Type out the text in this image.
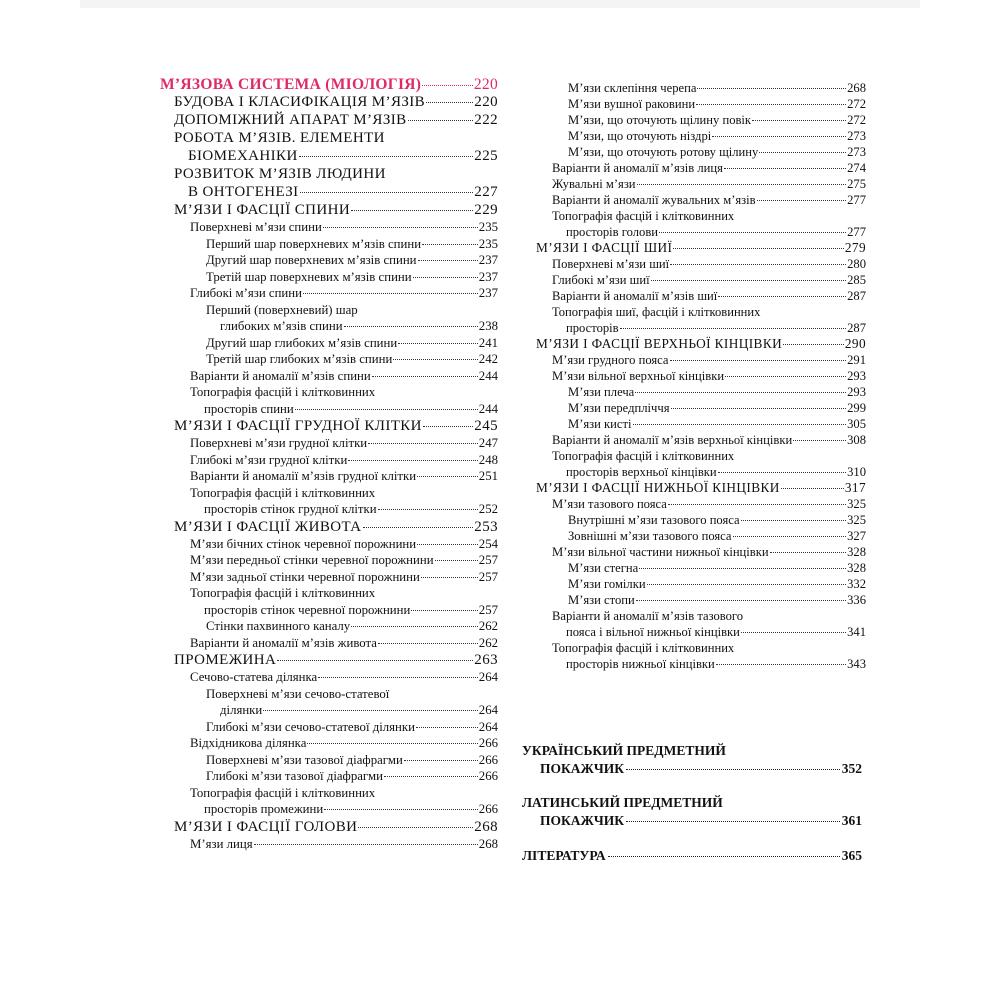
М’ЯЗОВА СИСТЕМА (МІОЛОГІЯ)	220
БУДОВА І КЛАСИФІКАЦІЯ М’ЯЗІВ	220
ДОПОМІЖНИЙ АПАРАТ М’ЯЗІВ	222
РОБОТА М’ЯЗІВ. ЕЛЕМЕНТИ
БІОМЕХАНІКИ	225
РОЗВИТОК М’ЯЗІВ ЛЮДИНИ
В ОНТОГЕНЕЗІ	227
М’ЯЗИ І ФАСЦІЇ СПИНИ	229
Поверхневі м’язи спини	235
Перший шар поверхневих м’язів спини	235
Другий шар поверхневих м’язів спини	237
Третій шар поверхневих м’язів спини	237
Глибокі м’язи спини	237
Перший (поверхневий) шар
глибоких м’язів спини	238
Другий шар глибоких м’язів спини	241
Третій шар глибоких м’язів спини	242
Варіанти й аномалії м’язів спини	244
Топографія фасцій і клітковинних
просторів спини	244
М’ЯЗИ І ФАСЦІЇ ГРУДНОЇ КЛІТКИ	245
Поверхневі м’язи грудної клітки	247
Глибокі м’язи грудної клітки	248
Варіанти й аномалії м’язів грудної клітки	251
Топографія фасцій і клітковинних
просторів стінок грудної клітки	252
М’ЯЗИ І ФАСЦІЇ ЖИВОТА	253
М’язи бічних стінок черевної порожнини	254
М’язи передньої стінки черевної порожнини	257
М’язи задньої стінки черевної порожнини	257
Топографія фасцій і клітковинних
просторів стінок черевної порожнини	257
Стінки пахвинного каналу	262
Варіанти й аномалії м’язів живота	262
ПРОМЕЖИНА	263
Сечово-статева ділянка	264
Поверхневі м’язи сечово-статевої
ділянки	264
Глибокі м’язи сечово-статевої ділянки	264
Відхідникова ділянка	266
Поверхневі м’язи тазової діафрагми	266
Глибокі м’язи тазової діафрагми	266
Топографія фасцій і клітковинних
просторів промежини	266
М’ЯЗИ І ФАСЦІЇ ГОЛОВИ	268
М’язи лиця	268
М’язи склепіння черепа	268
М’язи вушної раковини	272
М’язи, що оточують щілину повік	272
М’язи, що оточують ніздрі	273
М’язи, що оточують ротову щілину	273
Варіанти й аномалії м’язів лиця	274
Жувальні м’язи	275
Варіанти й аномалії жувальних м’язів	277
Топографія фасцій і клітковинних
просторів голови	277
М’ЯЗИ І ФАСЦІЇ ШИЇ	279
Поверхневі м’язи шиї	280
Глибокі м’язи шиї	285
Варіанти й аномалії м’язів шиї	287
Топографія шиї, фасцій і клітковинних
просторів	287
М’ЯЗИ І ФАСЦІЇ ВЕРХНЬОЇ КІНЦІВКИ	290
М’язи грудного пояса	291
М’язи вільної верхньої кінцівки	293
М’язи плеча	293
М’язи передпліччя	299
М’язи кисті	305
Варіанти й аномалії м’язів верхньої кінцівки	308
Топографія фасцій і клітковинних
просторів верхньої кінцівки	310
М’ЯЗИ І ФАСЦІЇ НИЖНЬОЇ КІНЦІВКИ	317
М’язи тазового пояса	325
Внутрішні м’язи тазового пояса	325
Зовнішні м’язи тазового пояса	327
М’язи вільної частини нижньої кінцівки	328
М’язи стегна	328
М’язи гомілки	332
М’язи стопи	336
Варіанти й аномалії м’язів тазового
пояса і вільної нижньої кінцівки	341
Топографія фасцій і клітковинних
просторів нижньої кінцівки	343
УКРАЇНСЬКИЙ ПРЕДМЕТНИЙ
ПОКАЖЧИК	352
ЛАТИНСЬКИЙ ПРЕДМЕТНИЙ
ПОКАЖЧИК	361
ЛІТЕРАТУРА	365
